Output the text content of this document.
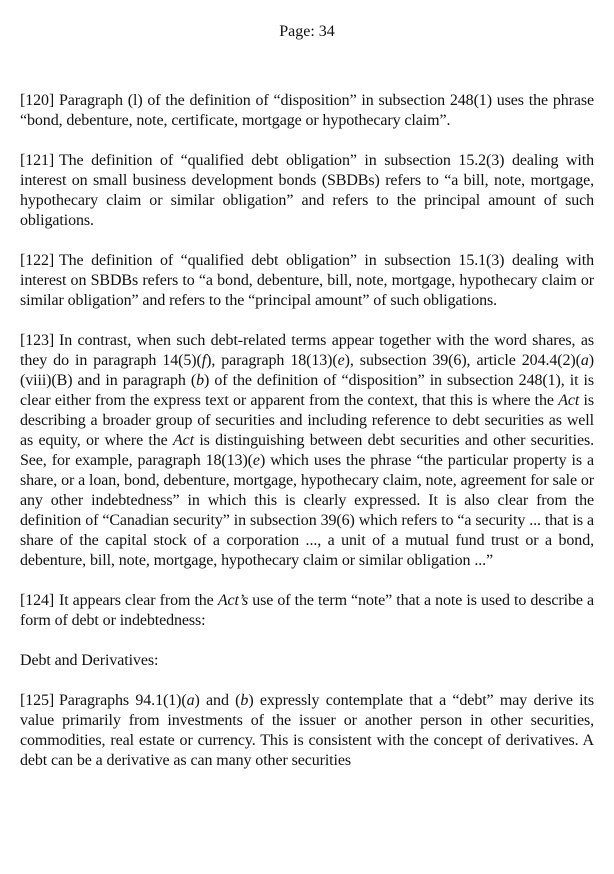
Page: 34

[120] Paragraph (l) of the definition of “disposition” in subsection 248(1) uses the phrase “bond, debenture, note, certificate, mortgage or hypothecary claim”.

[121] The definition of “qualified debt obligation” in subsection 15.2(3) dealing with interest on small business development bonds (SBDBs) refers to “a bill, note, mortgage, hypothecary claim or similar obligation” and refers to the principal amount of such obligations.

[122] The definition of “qualified debt obligation” in subsection 15.1(3) dealing with interest on SBDBs refers to “a bond, debenture, bill, note, mortgage, hypothecary claim or similar obligation” and refers to the “principal amount” of such obligations.

[123] In contrast, when such debt-related terms appear together with the word shares, as they do in paragraph 14(5)(f), paragraph 18(13)(e), subsection 39(6), article 204.4(2)(a)(viii)(B) and in paragraph (b) of the definition of “disposition” in subsection 248(1), it is clear either from the express text or apparent from the context, that this is where the Act is describing a broader group of securities and including reference to debt securities as well as equity, or where the Act is distinguishing between debt securities and other securities. See, for example, paragraph 18(13)(e) which uses the phrase “the particular property is a share, or a loan, bond, debenture, mortgage, hypothecary claim, note, agreement for sale or any other indebtedness” in which this is clearly expressed. It is also clear from the definition of “Canadian security” in subsection 39(6) which refers to “a security ... that is a share of the capital stock of a corporation ..., a unit of a mutual fund trust or a bond, debenture, bill, note, mortgage, hypothecary claim or similar obligation ...”

[124] It appears clear from the Act’s use of the term “note” that a note is used to describe a form of debt or indebtedness:

Debt and Derivatives:

[125] Paragraphs 94.1(1)(a) and (b) expressly contemplate that a “debt” may derive its value primarily from investments of the issuer or another person in other securities, commodities, real estate or currency. This is consistent with the concept of derivatives. A debt can be a derivative as can many other securities
